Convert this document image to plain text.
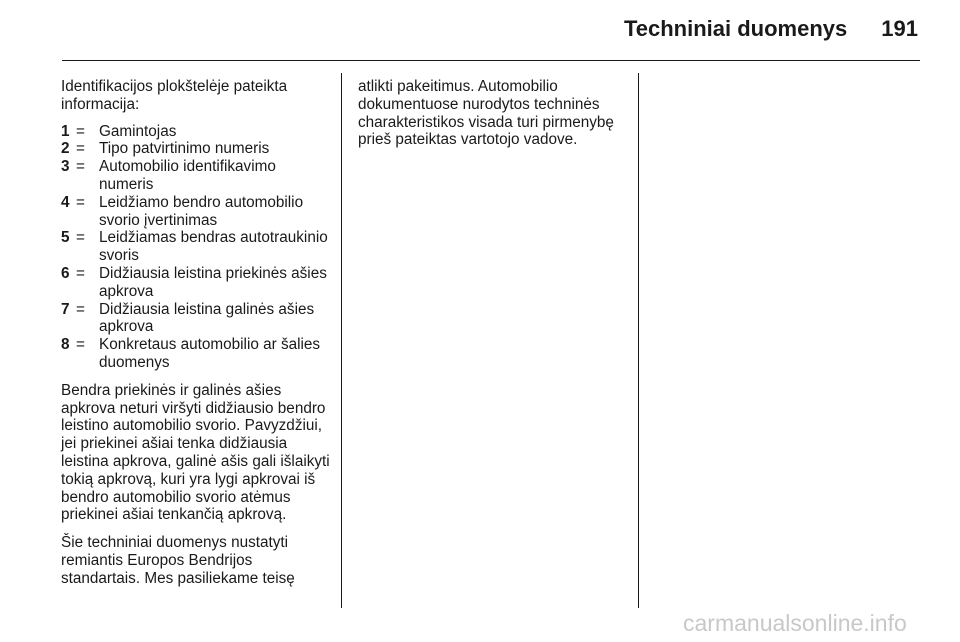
Techniniai duomenys 191

Identifikacijos plokštelėje pateikta informacija:

1 = Gamintojas
2 = Tipo patvirtinimo numeris
3 = Automobilio identifikavimo numeris
4 = Leidžiamo bendro automobilio svorio įvertinimas
5 = Leidžiamas bendras autotraukinio svoris
6 = Didžiausia leistina priekinės ašies apkrova
7 = Didžiausia leistina galinės ašies apkrova
8 = Konkretaus automobilio ar šalies duomenys

Bendra priekinės ir galinės ašies apkrova neturi viršyti didžiausio bendro leistino automobilio svorio. Pavyzdžiui, jei priekinei ašiai tenka didžiausia leistina apkrova, galinė ašis gali išlaikyti tokią apkrovą, kuri yra lygi apkrovai iš bendro automobilio svorio atėmus priekinei ašiai tenkančią apkrovą.

Šie techniniai duomenys nustatyti remiantis Europos Bendrijos standartais. Mes pasiliekame teisę

atlikti pakeitimus. Automobilio dokumentuose nurodytos techninės charakteristikos visada turi pirmenybę prieš pateiktas vartotojo vadove.

carmanualsonline.info
